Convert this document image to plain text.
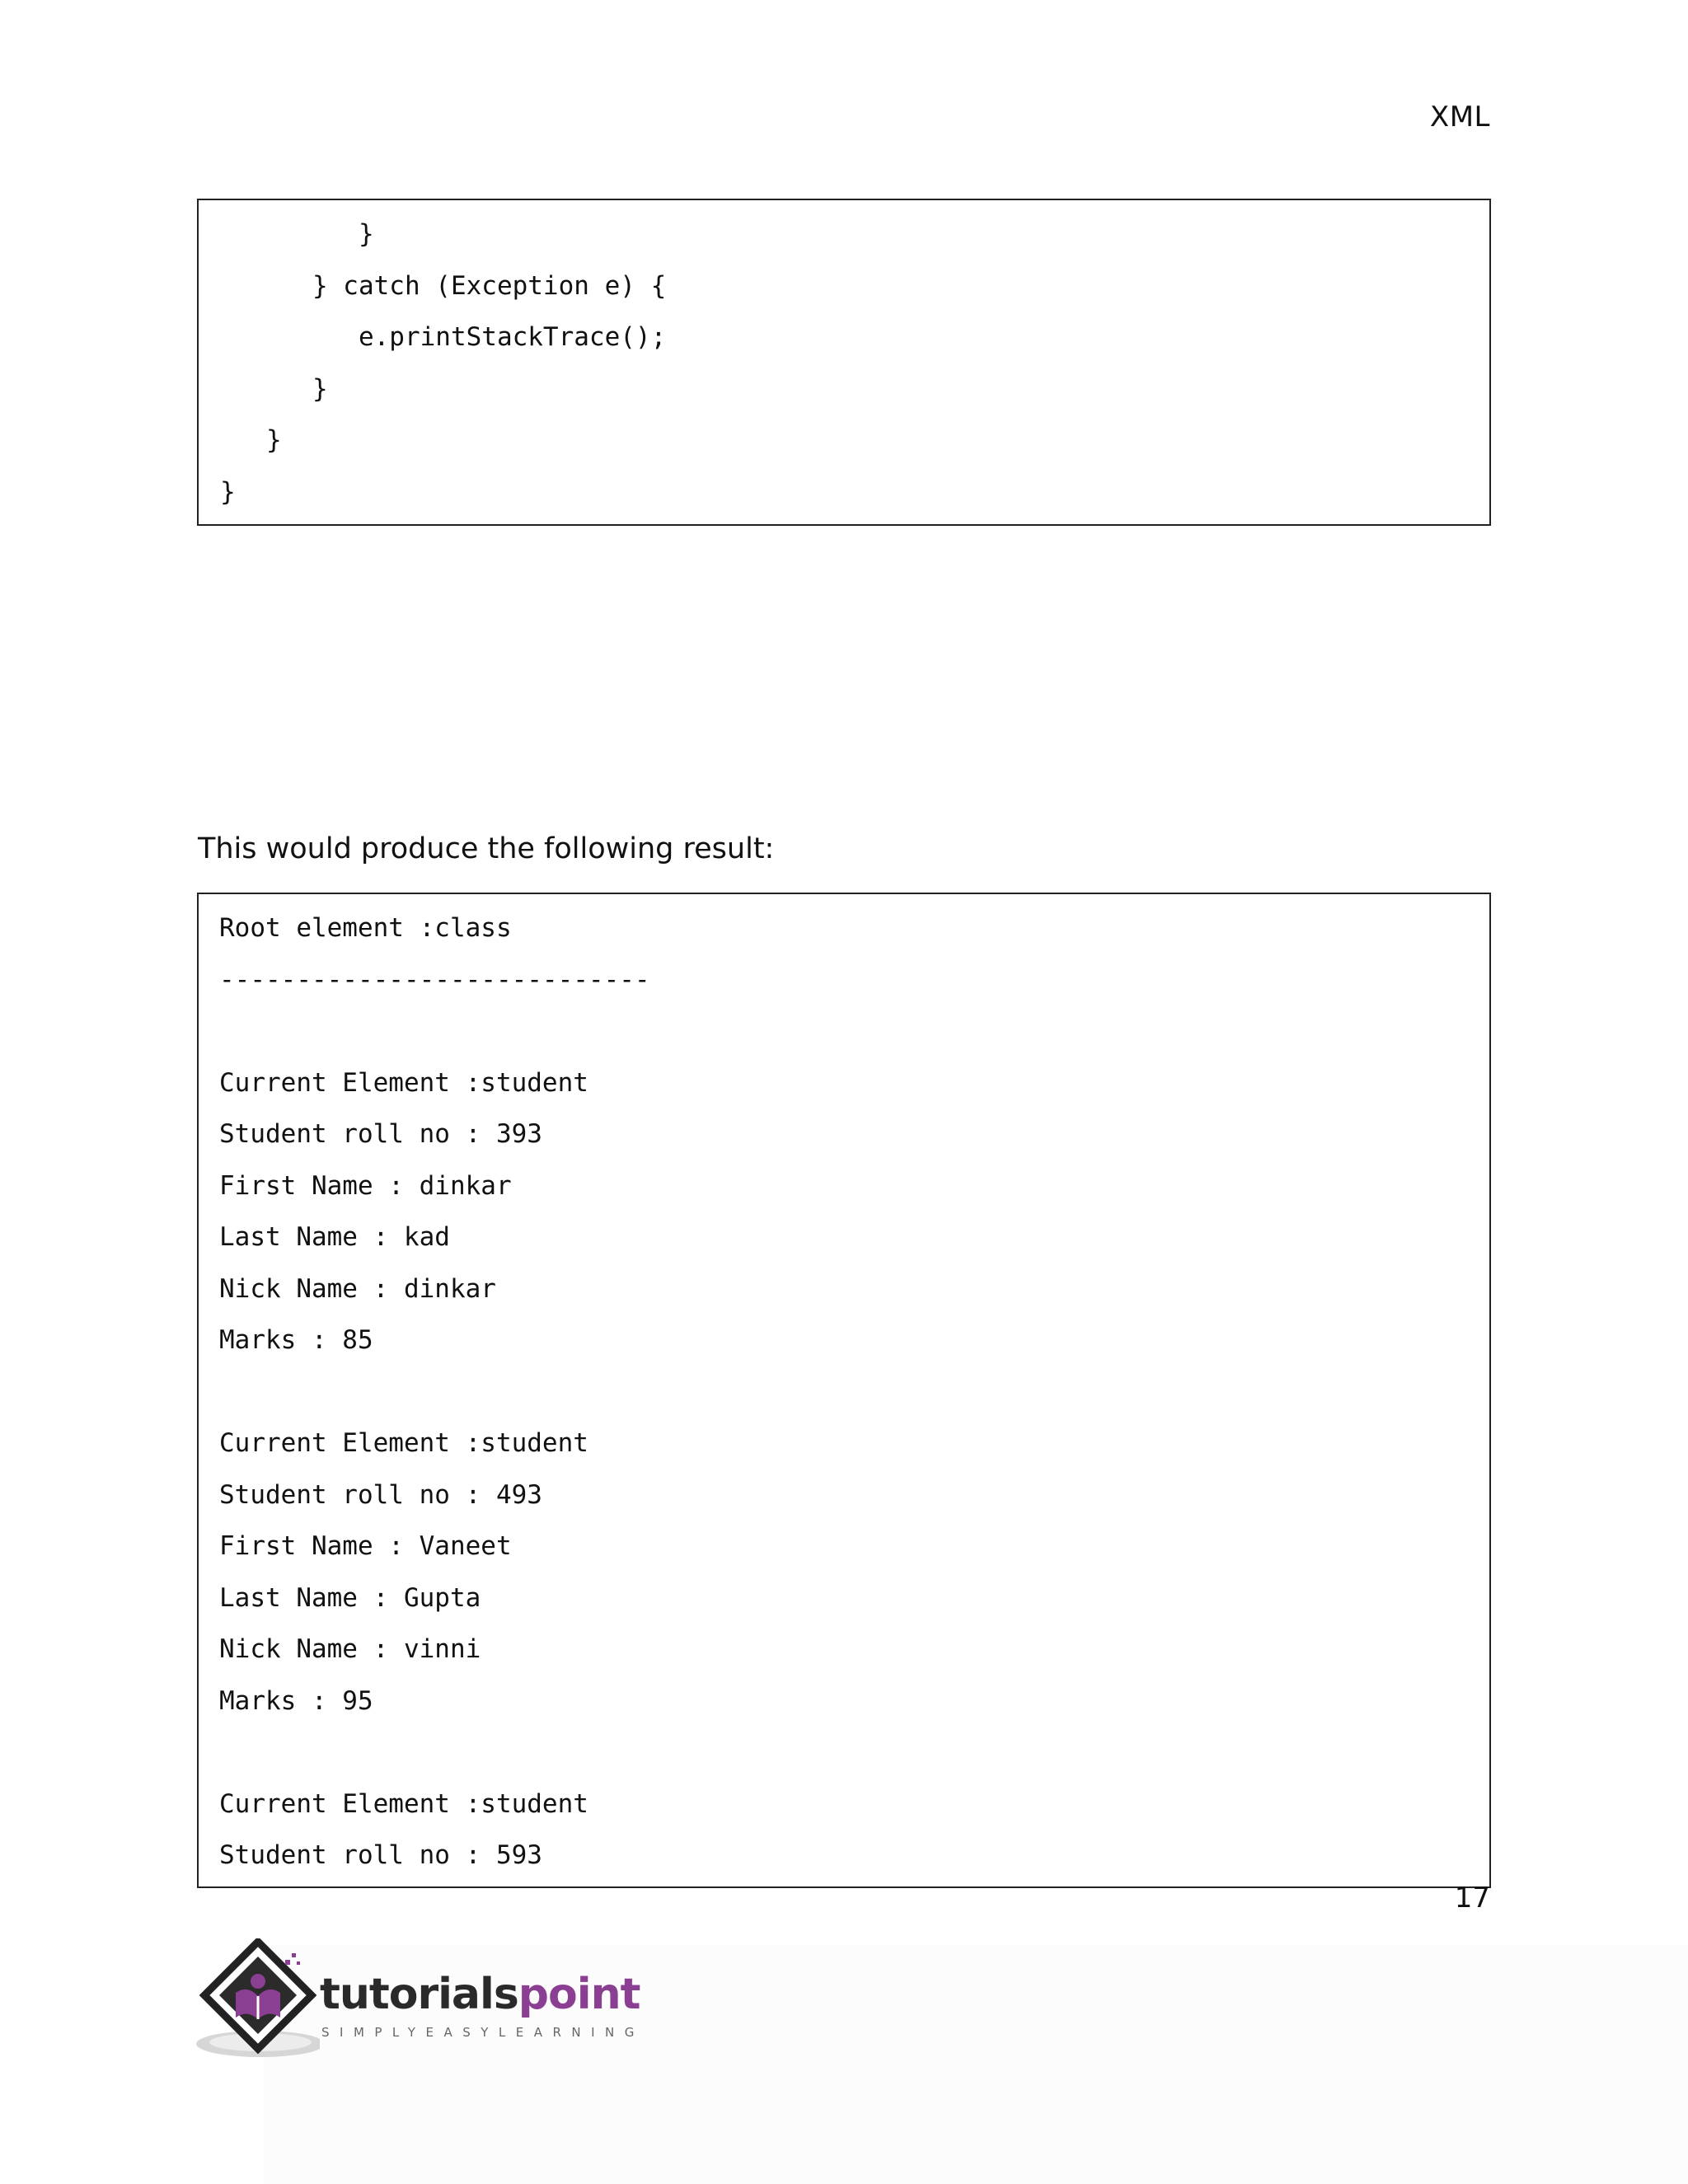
XML
}
} catch (Exception e) {
e.printStackTrace();
}
}
}
This would produce the following result:
Root element :class
----------------------------

Current Element :student
Student roll no : 393
First Name : dinkar
Last Name : kad
Nick Name : dinkar
Marks : 85

Current Element :student
Student roll no : 493
First Name : Vaneet
Last Name : Gupta
Nick Name : vinni
Marks : 95

Current Element :student
Student roll no : 593
17
tutorialspoint
SIMPLYEASYLEARNING
